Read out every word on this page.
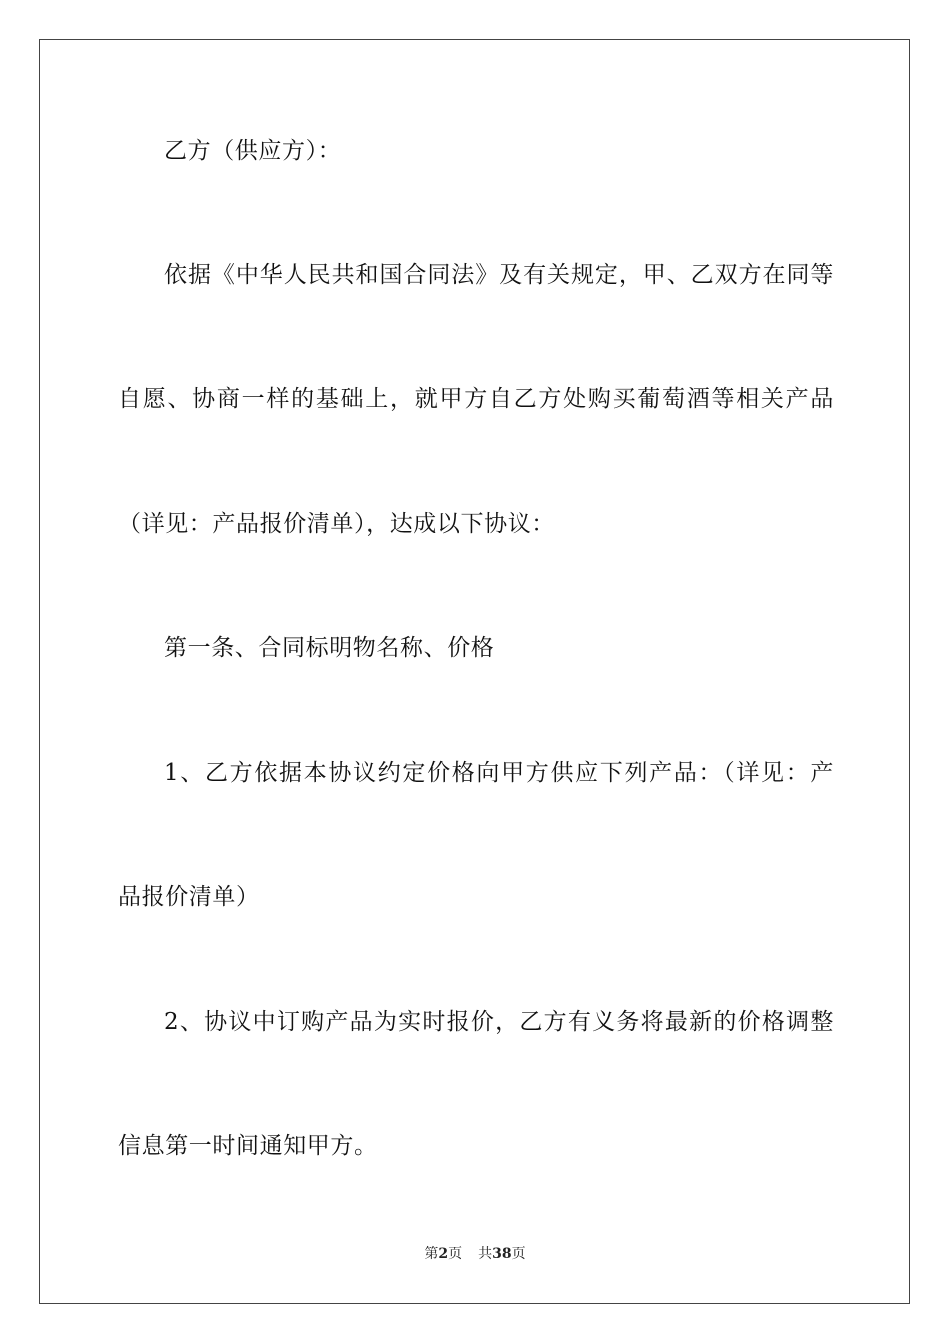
乙方（供应方）：
依据《中华人民共和国合同法》及有关规定，甲、乙双方在同等
自愿、协商一样的基础上，就甲方自乙方处购买葡萄酒等相关产品
（详见：产品报价清单），达成以下协议：
第一条、合同标明物名称、价格
1、乙方依据本协议约定价格向甲方供应下列产品：（详见：产
品报价清单）
2、协议中订购产品为实时报价，乙方有义务将最新的价格调整
信息第一时间通知甲方。
第2页 共38页
